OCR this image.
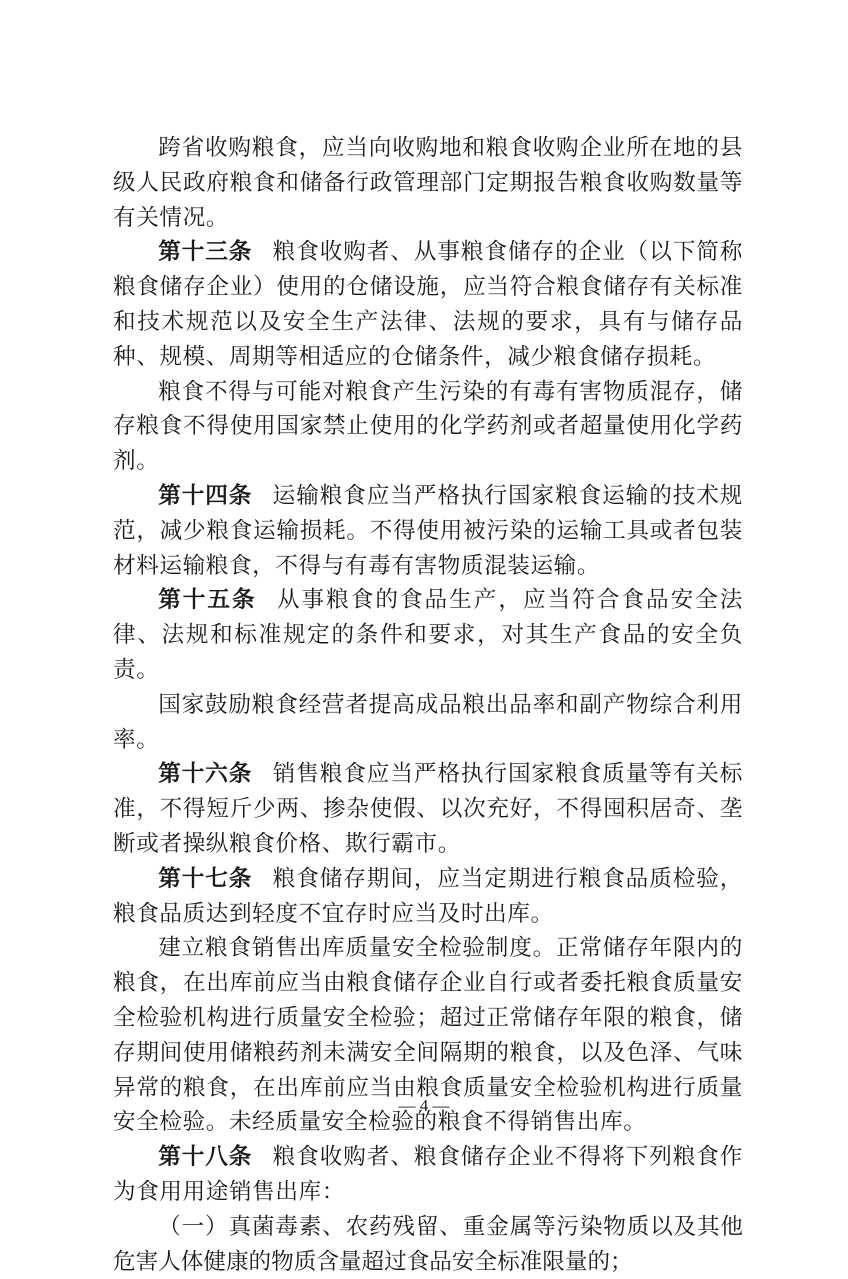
跨省收购粮食，应当向收购地和粮食收购企业所在地的县级人民政府粮食和储备行政管理部门定期报告粮食收购数量等有关情况。

第十三条 粮食收购者、从事粮食储存的企业（以下简称粮食储存企业）使用的仓储设施，应当符合粮食储存有关标准和技术规范以及安全生产法律、法规的要求，具有与储存品种、规模、周期等相适应的仓储条件，减少粮食储存损耗。

粮食不得与可能对粮食产生污染的有毒有害物质混存，储存粮食不得使用国家禁止使用的化学药剂或者超量使用化学药剂。

第十四条 运输粮食应当严格执行国家粮食运输的技术规范，减少粮食运输损耗。不得使用被污染的运输工具或者包装材料运输粮食，不得与有毒有害物质混装运输。

第十五条 从事粮食的食品生产，应当符合食品安全法律、法规和标准规定的条件和要求，对其生产食品的安全负责。

国家鼓励粮食经营者提高成品粮出品率和副产物综合利用率。

第十六条 销售粮食应当严格执行国家粮食质量等有关标准，不得短斤少两、掺杂使假、以次充好，不得囤积居奇、垄断或者操纵粮食价格、欺行霸市。

第十七条 粮食储存期间，应当定期进行粮食品质检验，粮食品质达到轻度不宜存时应当及时出库。

建立粮食销售出库质量安全检验制度。正常储存年限内的粮食，在出库前应当由粮食储存企业自行或者委托粮食质量安全检验机构进行质量安全检验；超过正常储存年限的粮食，储存期间使用储粮药剂未满安全间隔期的粮食，以及色泽、气味异常的粮食，在出库前应当由粮食质量安全检验机构进行质量安全检验。未经质量安全检验的粮食不得销售出库。

第十八条 粮食收购者、粮食储存企业不得将下列粮食作为食用用途销售出库：

（一）真菌毒素、农药残留、重金属等污染物质以及其他危害人体健康的物质含量超过食品安全标准限量的；

— 4 —
